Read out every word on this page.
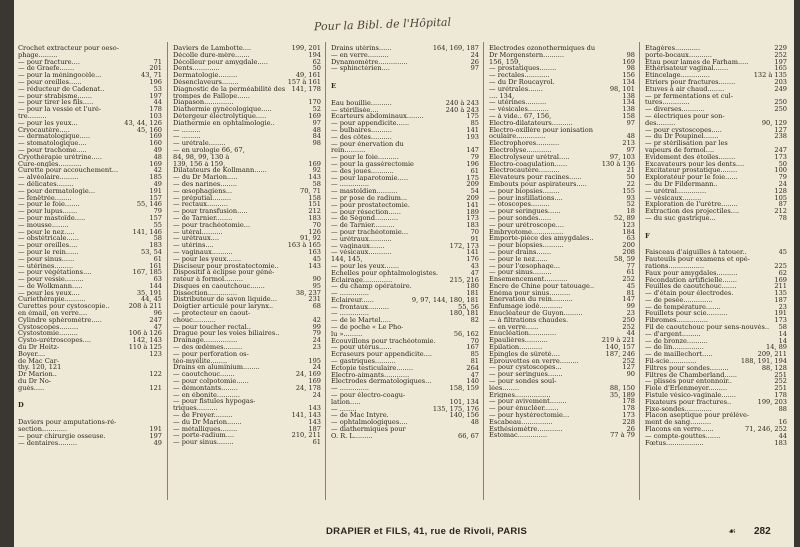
Pour la Bibl. de l'Hôpital
Crochet extracteur pour oeso-
phage.........
— pour fracture....	71
— de Graefe.......	201
— pour la méningocèle...	43, 71
— pour oreilles......	196
— réducteur de Cadenat..	53
— pour strabisme.......	197
— pour tirer les fils.....	44
— pour la vessie et l'uré-	178
tre.........	103
— pour les yeux...	43, 44, 126
Cryocautère.....	45, 160
— dermatologique.....	169
— stomatologique....	160
— pour trachome.....	49
Cryothérapie urétrine.....	48
Cure-ongles...........	169
Curette pour accouchement...	42
— alvéolaire.........	185
— délicates........	49
— pour dermatologie...	191
— fenêtrée........	157
— pour le foie.......	55, 146
— pour lupus.......	79
— pour mastoïde.....	157
— mousse........	55
— pour le nez.....	141, 146
— obstétricale......	58
— pour oreilles....	183
— pour le rein......	53, 54
— pour sinus......	61
— utérines.........	161
— pour végétations....	167, 185
— pour vessie.........	63
— de Wolkmann.....	144
— pour les yeux....	35, 191
Curiethérapie..........	44, 45
Curettes pour cystoscopie..	208 à 211
en émail, en verre....	96
Cylindre sphérométre.....	247
Cystoscopes.........	47
Cystostomie.........	106 à 126
Cysto-urétroscopes....	142, 143
du Dr Heitz-	110 à 125
Boyer....	123
de Mac Car-
thy. 120, 121
Dr Marion..	122
du Dr No-
guès.....	121
D
Daviers pour amputations-ré-
section............	191
— pour chirurgie osseuse.	197
— dentaires.........	49
Daviers de Lambotte....	199, 201
Décolle dure-mère.......	194
Décolleur pour amygdale.....	62
Dents.............	50
Dermatologie.........	49, 161
Désenclaveurs........	157 à 161
Diagnostic de la perméabilité des 141, 178
trompes de Fallope......
Diapason..............	170
Diathermie gynécologique.....	52
Détergeur électrolytique.....	169
Diathermie en ophtalmologie..	97
— .........	48
— .........	84
— urétrale........	98
— en urologie 66, 67,
84, 98, 99, 130 à
139, 156 à 159,	169
Dilatateurs de Kollmann......	92
— du Dr Marion.....	143
— des narines........	58
— œsophagiens...	70, 71
— préputial.........	158
— rectaux..........	151
— pour transfusion.....	212
— de Tarnier........	183
— pour trachéotomie...	70
— utéral..........	126
— urétraux....	91, 92
— utérins....	163 à 165
— vaginaux..........	163
— pour les yeux.......	45
Disciseur pour prostatectomie..	143
Dispositif à éclipse pour géné-
rateur à formol.........	90
Disques en caoutchouc.......	95
Dissection..............	38, 237
Distributeur de savon liquide...	231
Doigtier articulé pour larynx..	68
— protecteur en caout-
chouc...........	42
— pour toucher rectal..	99
Drague pour les voies biliaires..	79
Drainage................	24
— des œdèmes.........	23
— pour perforation os-
téo-myélite........	195
Drains en aluminium........	24
— caoutchouc.......	24, 169
— pour colpotomie......	169
— démontants........	24, 178
— en ébonite...........	24
— pour fistules hypogas-
triques..........	143
— de Freyer.........	141, 143
— du Dr Marion.......	143
— métalliques........	187
— porte-radium....	210, 211
— pour sinus........	61
Drains utérins......	164, 169, 187
— en verre..........	24
Dynamomètre..............	26
— sphinctérien....	97
E
Eau bouillie..........	240 à 243
— stérilisée....	240 à 243
Écarteurs abdominaux........	175
— pour appendicite......	85
— bulbaires..........	141
— des côtes..........	193
— pour énervation du
rein..........	147
— pour le foie..........	79
— pour la gassérectomie	196
— des joues...........	61
— pour laparotomie.....	175
— ..............	209
— mastoïdien..........	54
— pr pose de radium...	209
— pour prostatectomie.	141
— pour résection......	189
— de Ségond...........	173
— de Tarnier..........	183
— pour trachéotomie...	70
— urétraux...........	91
— vaginaux.......	172, 173
— vésicaux...........	141
144, 145,	176
— pour les yeux.......	43
Échelles pour ophtalmologistes.	47
Éclairage..............	215, 216
— du champ opératoire.	180
— ..............	181
Éclaireur......	9, 97, 144, 180, 181
— frontaux..........	55, 56
— ..............	180, 181
— de le Martel.....	82
— de poche « Le Pho-
lu ».........	56, 162
Écouvillons pour trachéotomie.	70
— pour utérus......	167
Écraseurs pour appendicite....	85
— gastriques..........	81
Ectopie testiculaire........	264
Électro-aimants............	47
Électrodes dermatologiques...	140
— ..............	158, 159
— pour électro-coagu-
lation.....	101, 134
— ........	135, 175, 176
— de Mac Intyre.	140, 156
— ophtalmologiques....	48
— diathermiques pour
O. R. L.........	66, 67
Électrodes ozonothermiques du
Dr Morgenstern..........	98
156, 159,	169
— prostatiques........	98
— rectales............	156
— du Dr Roucayrol.	134
— urétrales.......	98, 101
.... 134,	138
— utérines..........	134
— vésicales..........	138
— à vide.. 67, 156,	158
Électro-dilatateurs..........	97
Électro-oxillère pour ionisation
oculaire..............	48
Électrophores...........	213
Électrolyse............	97
Électrolyseur urétral.....	97, 103
Électro-coagulation......	130 à 136
Électrocautère..........	21
Élévateurs pour racines......	50
Embouts pour aspirateurs.....	22
— pour biopsies........	155
— pour instillations....	93
— otoscopes.........	52
— pour seringues......	18
— pour sondes......	52, 89
— pour urétroscope....	123
Embryotome...............	184
Emporte-pièce des amygdales..	63
— pour biopsies..........	200
— pour drains.......	208
— pour le nez......	58, 59
— pour l'œsophage...	77
— pour sinus.........	61
Ensemencement...........	252
Encre de Chine pour tatouage..	45
Enéma pour sinus..........	81
Énervation du rein..........	147
Enfumage iodé...........	99
Énucléateur de Guyon.........	23
— à filtrations chaudes.	250
— en verre......	252
Énucléation.............	44
Épaulières...........	219 à 221
Épilation...........	140, 157
Épingles de sûreté....	187, 246
Éprouvettes en verre.........	252
— pour cystoscopes...	127
— pour seringues.......	90
— pour sondes soul-
lées........	88, 150
Érignes.................	35, 189
— pour avivement........	178
— pour énucléer.......	178
— pour hystérectomie...	173
Escabeau...............	228
Esthésiomètre............	26
Estomac..............	77 à 79
Étagères............	229
porte-bocaux...........	252
Étau pour lames de Farham.....	197
Éthérisateur vaginal.......	165
Étincelage..............	132 à 135
Étriers pour fractures........	203
Étuves à air chaud........	249
— pr fermentations et cul-
tures.............	250
— diverses...........	250
— électriques pour son-
des.........	90, 129
— pour cystoscopes.....	127
— du Dr Poupinel.......	238
— pr stérilisation par les
vapeurs de formol....	247
Évidement des étoiles........	173
Excavateurs pour les dents....	50
Excitateur prostatique........	100
Exploratéur pour le foie......	79
— du Dr Fildermann..	24
— urétral..............	128
— vésicaux.........	105
Exploration de l'urètre........	87
Extraction des projectiles....	212
— du suc gastrique...	78
F
Faisceau d'aiguilles à tatouer..	45
Fauteuils pour examens et opé-
rations.................	225
Faux pour amygdales..........	62
Fécondation artificielle.......	169
Feuilles de caoutchouc.......	211
— d'étain pour électrodes.	135
— de pesée..............	187
— de température.......	23
Feuillets pour scie..........	191
Fibromes...............	173
Fil de caoutchouc pour sens-nouvés..	58
— d'argent.........	14
— de bronze..........	14
— de lin...............	14, 89
— de maillechort.....	209, 211
Fil-scie.............	188, 191, 194
Filtres pour sondes.........	88, 128
Filtres de Chamberland......	251
— plissés pour entonnoir..	252
Fiole d'Erlenmeyer.........	251
Fistule vésico-vaginale.......	178
Fixateurs pour fractures..	199, 203
Fixe-sondes.............	88
Flacon aseptique pour prélève-
ment de sang..........	16
Flacons en verre......	71, 246, 252
— compte-gouttes.......	44
Fœtus..................	183
DRAPIER et FILS, 41, rue de Rivoli, PARIS	☙ 282
